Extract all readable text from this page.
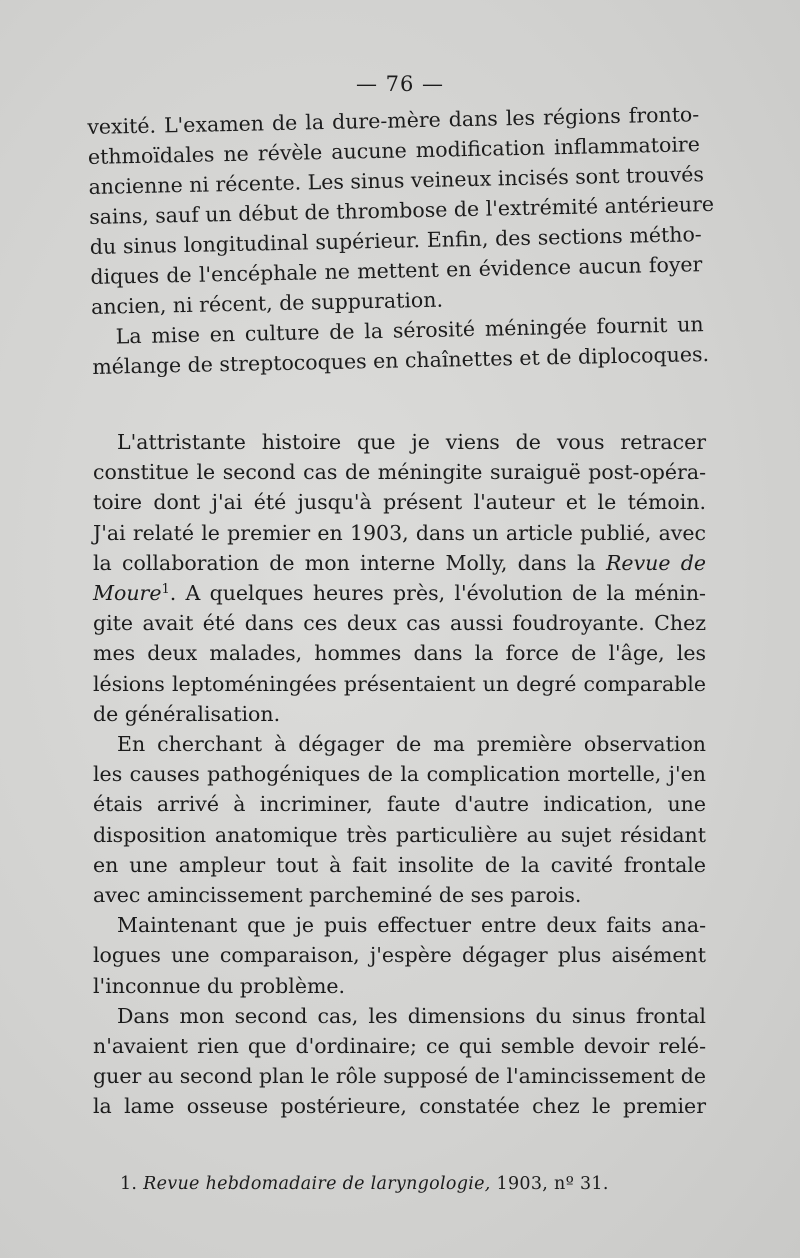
— 76 —
vexité. L'examen de la dure-mère dans les régions fronto-
ethmoïdales ne révèle aucune modification inflammatoire
ancienne ni récente. Les sinus veineux incisés sont trouvés
sains, sauf un début de thrombose de l'extrémité antérieure
du sinus longitudinal supérieur. Enfin, des sections métho-
diques de l'encéphale ne mettent en évidence aucun foyer
ancien, ni récent, de suppuration.
La mise en culture de la sérosité méningée fournit un
mélange de streptocoques en chaînettes et de diplocoques.
L'attristante histoire que je viens de vous retracer
constitue le second cas de méningite suraiguë post-opéra-
toire dont j'ai été jusqu'à présent l'auteur et le témoin.
J'ai relaté le premier en 1903, dans un article publié, avec
la collaboration de mon interne Molly, dans la Revue de
Moure$^1$. A quelques heures près, l'évolution de la ménin-
gite avait été dans ces deux cas aussi foudroyante. Chez
mes deux malades, hommes dans la force de l'âge, les
lésions leptoméningées présentaient un degré comparable
de généralisation.
En cherchant à dégager de ma première observation
les causes pathogéniques de la complication mortelle, j'en
étais arrivé à incriminer, faute d'autre indication, une
disposition anatomique très particulière au sujet résidant
en une ampleur tout à fait insolite de la cavité frontale
avec amincissement parcheminé de ses parois.
Maintenant que je puis effectuer entre deux faits ana-
logues une comparaison, j'espère dégager plus aisément
l'inconnue du problème.
Dans mon second cas, les dimensions du sinus frontal
n'avaient rien que d'ordinaire; ce qui semble devoir relé-
guer au second plan le rôle supposé de l'amincissement de
la lame osseuse postérieure, constatée chez le premier
1. Revue hebdomadaire de laryngologie, 1903, nº 31.
